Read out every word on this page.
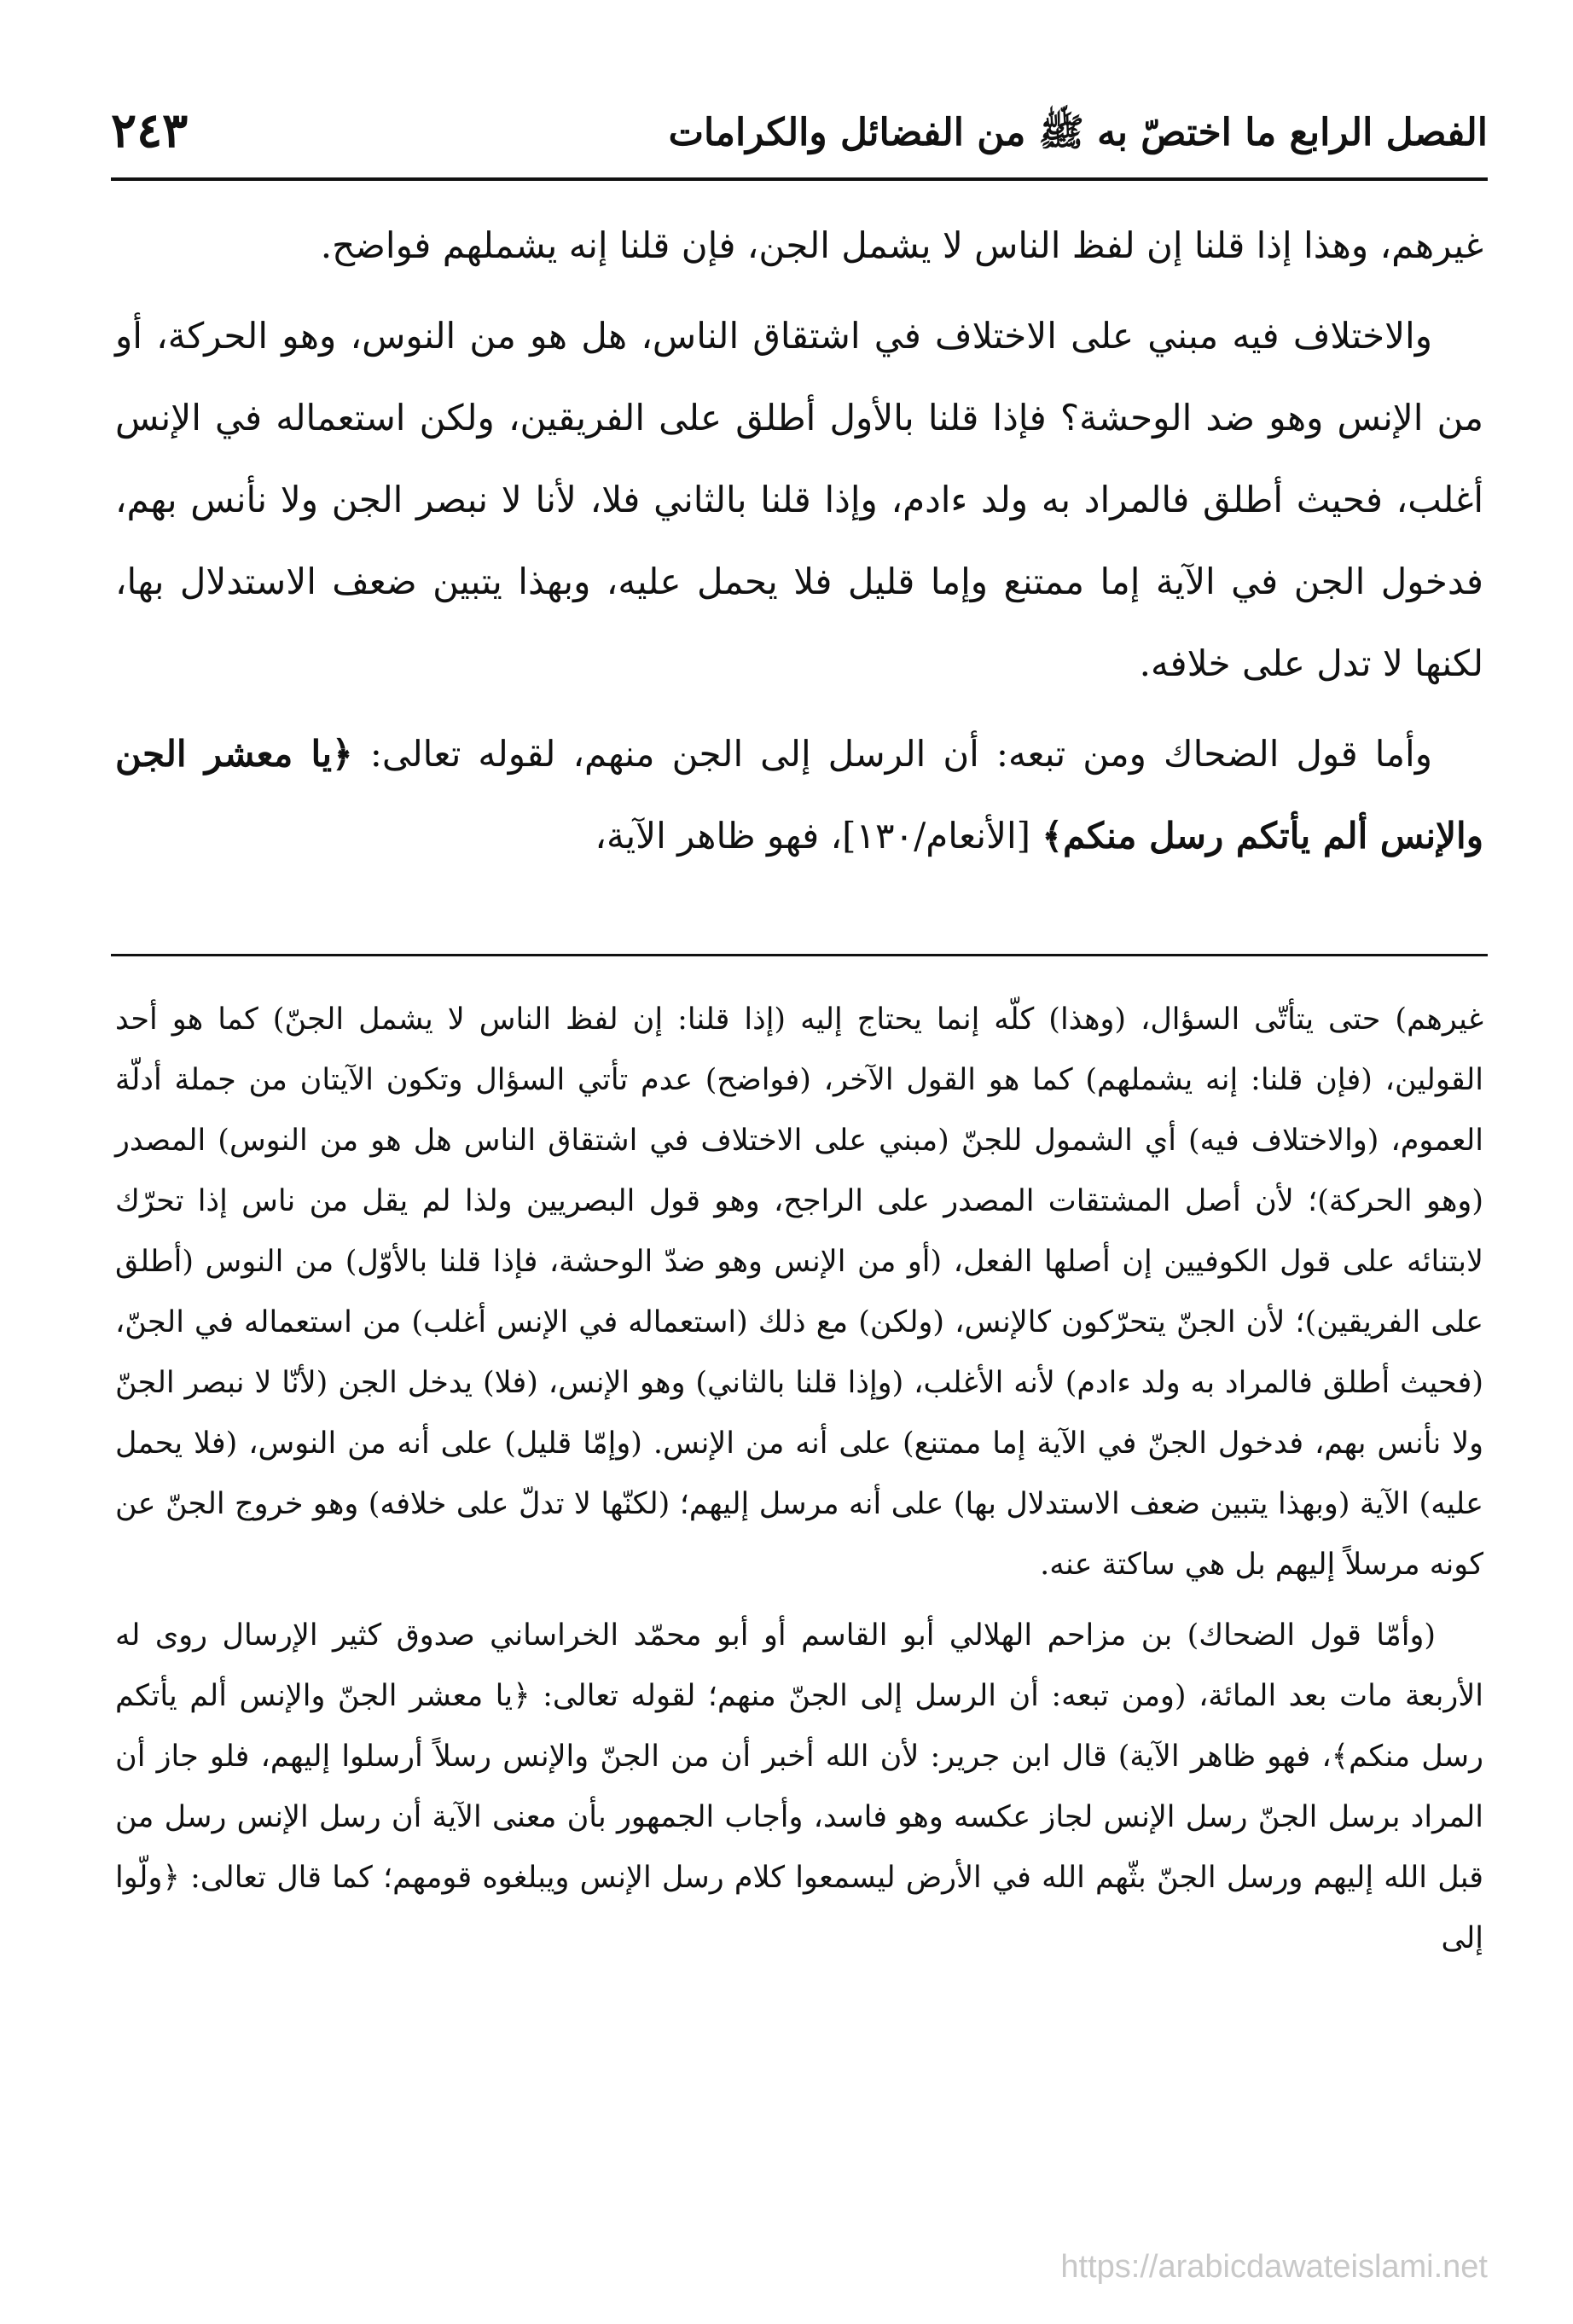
الفصل الرابع ما اختصّ به ﷺ من الفضائل والكرامات
٢٤٣

غيرهم، وهذا إذا قلنا إن لفظ الناس لا يشمل الجن، فإن قلنا إنه يشملهم فواضح.

والاختلاف فيه مبني على الاختلاف في اشتقاق الناس، هل هو من النوس، وهو الحركة، أو من الإنس وهو ضد الوحشة؟ فإذا قلنا بالأول أطلق على الفريقين، ولكن استعماله في الإنس أغلب، فحيث أطلق فالمراد به ولد ءادم، وإذا قلنا بالثاني فلا، لأنا لا نبصر الجن ولا نأنس بهم، فدخول الجن في الآية إما ممتنع وإما قليل فلا يحمل عليه، وبهذا يتبين ضعف الاستدلال بها، لكنها لا تدل على خلافه.

وأما قول الضحاك ومن تبعه: أن الرسل إلى الجن منهم، لقوله تعالى: ﴿يا معشر الجن والإنس ألم يأتكم رسل منكم﴾ [الأنعام/١٣٠]، فهو ظاهر الآية،

غيرهم) حتى يتأتّى السؤال، (وهذا) كلّه إنما يحتاج إليه (إذا قلنا: إن لفظ الناس لا يشمل الجنّ) كما هو أحد القولين، (فإن قلنا: إنه يشملهم) كما هو القول الآخر، (فواضح) عدم تأتي السؤال وتكون الآيتان من جملة أدلّة العموم، (والاختلاف فيه) أي الشمول للجنّ (مبني على الاختلاف في اشتقاق الناس هل هو من النوس) المصدر (وهو الحركة)؛ لأن أصل المشتقات المصدر على الراجح، وهو قول البصريين ولذا لم يقل من ناس إذا تحرّك لابتنائه على قول الكوفيين إن أصلها الفعل، (أو من الإنس وهو ضدّ الوحشة، فإذا قلنا بالأوّل) من النوس (أطلق على الفريقين)؛ لأن الجنّ يتحرّكون كالإنس، (ولكن) مع ذلك (استعماله في الإنس أغلب) من استعماله في الجنّ، (فحيث أطلق فالمراد به ولد ءادم) لأنه الأغلب، (وإذا قلنا بالثاني) وهو الإنس، (فلا) يدخل الجن (لأنّا لا نبصر الجنّ ولا نأنس بهم، فدخول الجنّ في الآية إما ممتنع) على أنه من الإنس. (وإمّا قليل) على أنه من النوس، (فلا يحمل عليه) الآية (وبهذا يتبين ضعف الاستدلال بها) على أنه مرسل إليهم؛ (لكنّها لا تدلّ على خلافه) وهو خروج الجنّ عن كونه مرسلاً إليهم بل هي ساكتة عنه.

(وأمّا قول الضحاك) بن مزاحم الهلالي أبو القاسم أو أبو محمّد الخراساني صدوق كثير الإرسال روى له الأربعة مات بعد المائة، (ومن تبعه: أن الرسل إلى الجنّ منهم؛ لقوله تعالى: ﴿يا معشر الجنّ والإنس ألم يأتكم رسل منكم﴾، فهو ظاهر الآية) قال ابن جرير: لأن الله أخبر أن من الجنّ والإنس رسلاً أرسلوا إليهم، فلو جاز أن المراد برسل الجنّ رسل الإنس لجاز عكسه وهو فاسد، وأجاب الجمهور بأن معنى الآية أن رسل الإنس رسل من قبل الله إليهم ورسل الجنّ بثّهم الله في الأرض ليسمعوا كلام رسل الإنس ويبلغوه قومهم؛ كما قال تعالى: ﴿ولّوا إلى

https://arabicdawateislami.net
